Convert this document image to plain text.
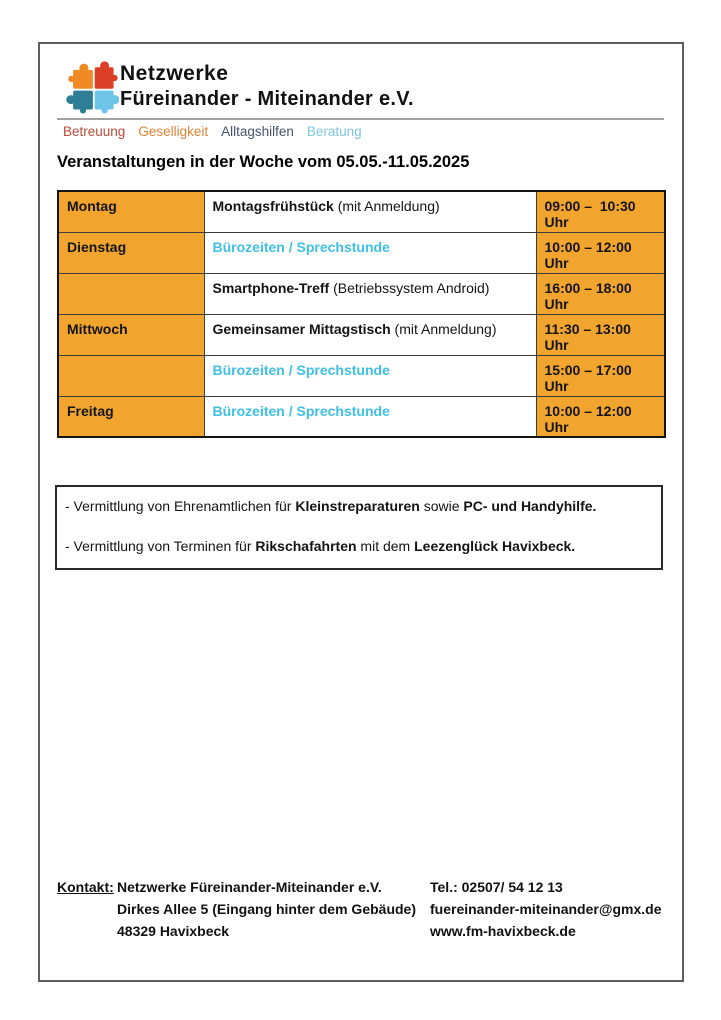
Netzwerke
Füreinander - Miteinander e.V.
Betreuung Geselligkeit Alltagshilfen Beratung
Veranstaltungen in der Woche vom 05.05.-11.05.2025
Montag	Montagsfrühstück (mit Anmeldung)	09:00 –  10:30 Uhr
Dienstag	Bürozeiten / Sprechstunde	10:00 – 12:00 Uhr
	Smartphone-Treff (Betriebssystem Android)	16:00 – 18:00 Uhr
Mittwoch	Gemeinsamer Mittagstisch (mit Anmeldung)	11:30 – 13:00 Uhr
	Bürozeiten / Sprechstunde	15:00 – 17:00 Uhr
Freitag	Bürozeiten / Sprechstunde	10:00 – 12:00 Uhr

- Vermittlung von Ehrenamtlichen für Kleinstreparaturen sowie PC- und Handyhilfe.

- Vermittlung von Terminen für Rikschafahrten mit dem Leezenglück Havixbeck.

Kontakt: Netzwerke Füreinander-Miteinander e.V.
Dirkes Allee 5 (Eingang hinter dem Gebäude)
48329 Havixbeck
Tel.: 02507/ 54 12 13
fuereinander-miteinander@gmx.de
www.fm-havixbeck.de
